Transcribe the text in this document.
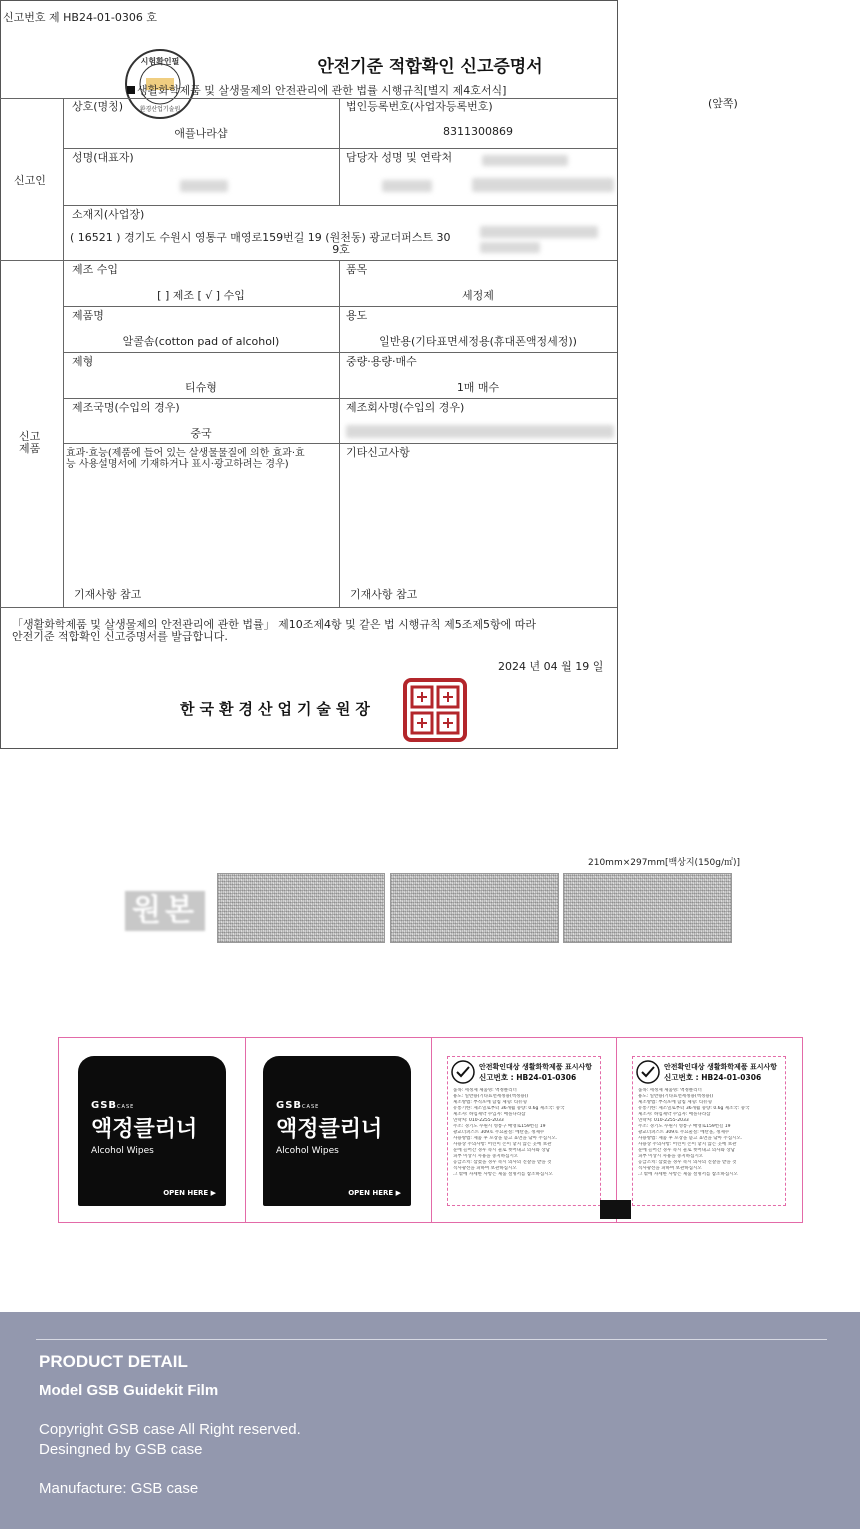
시험확인필
환경산업기술원
생활화학제품 및 살생물제의 안전관리에 관한 법률 시행규칙[별지 제4호서식]
(앞쪽)
신고번호 제 HB24-01-0306 호
안전기준 적합확인 신고증명서
신고인
상호(명칭)
애플나라샵
법인등록번호(사업자등록번호)
8311300869
성명(대표자)	담당자 성명 및 연락처
소재지(사업장)
( 16521 ) 경기도 수원시 영통구 매영로159번길 19 (원천동) 광교더퍼스트 30
9호
신고
제품
제조 수입
[ ] 제조 [ √ ] 수입
품목
세정제
제품명
알콜솜(cotton pad of alcohol)
용도
일반용(기타표면세정용(휴대폰액정세정))
제형
티슈형
중량·용량·매수
1매 매수
제조국명(수입의 경우)
중국
제조회사명(수입의 경우)
효과·효능(제품에 들어 있는 살생물물질에 의한 효과·효
능 사용설명서에 기재하거나 표시·광고하려는 경우)
기타신고사항
기재사항 참고	기재사항 참고
「생활화학제품 및 살생물제의 안전관리에 관한 법률」 제10조제4항 및 같은 법 시행규칙 제5조제5항에 따라
안전기준 적합확인 신고증명서를 발급합니다.
2024 년 04 월 19 일
한국환경산업기술원장
210mm×297mm[백상지(150g/㎡)]
원본
GSBCASE
액정클리너
Alcohol Wipes
OPEN HERE ▶
GSBCASE
액정클리너
Alcohol Wipes
OPEN HERE ▶
안전확인대상 생활화학제품 표시사항
신고번호 : HB24-01-0306
품목: 세정제 제품명: 액정클리너
용도: 일반용(기타표면세정용(액정용))
제조방법: 부직포에 함침 제형: 티슈형
유통기한: 제조일로부터 36개월 중량: 0.6g 제조국: 중국
제조사: 하임제약 수입자: 애플나라샵
연락처: 010-2255-2033
주소: 경기도 수원시 영통구 매영로159번길 19
광교더퍼스트 309호 주요물질: 에탄올, 정제수
사용방법: 제품 후 포장을 뜯고 표면을 닦아 주십시오.
사용상 주의사항: 어린이 손이 닿지 않는 곳에 보관
눈에 들어간 경우 즉시 물로 씻어내고 의사와 상담
피부 이상시 사용을 중지하십시오
응급조치: 삼켰을 경우 즉시 의사의 진찰을 받을 것
직사광선을 피하여 보관하십시오
그 밖에 자세한 사항은 제품 설명서를 참조하십시오
안전확인대상 생활화학제품 표시사항
신고번호 : HB24-01-0306
품목: 세정제 제품명: 액정클리너
용도: 일반용(기타표면세정용(액정용))
제조방법: 부직포에 함침 제형: 티슈형
유통기한: 제조일로부터 36개월 중량: 0.6g 제조국: 중국
제조사: 하임제약 수입자: 애플나라샵
연락처: 010-2255-2033
주소: 경기도 수원시 영통구 매영로159번길 19
광교더퍼스트 309호 주요물질: 에탄올, 정제수
사용방법: 제품 후 포장을 뜯고 표면을 닦아 주십시오.
사용상 주의사항: 어린이 손이 닿지 않는 곳에 보관
눈에 들어간 경우 즉시 물로 씻어내고 의사와 상담
피부 이상시 사용을 중지하십시오
응급조치: 삼켰을 경우 즉시 의사의 진찰을 받을 것
직사광선을 피하여 보관하십시오
그 밖에 자세한 사항은 제품 설명서를 참조하십시오
PRODUCT DETAIL
Model GSB Guidekit Film
Copyright GSB case All Right reserved.
Desingned by GSB case
Manufacture: GSB case
